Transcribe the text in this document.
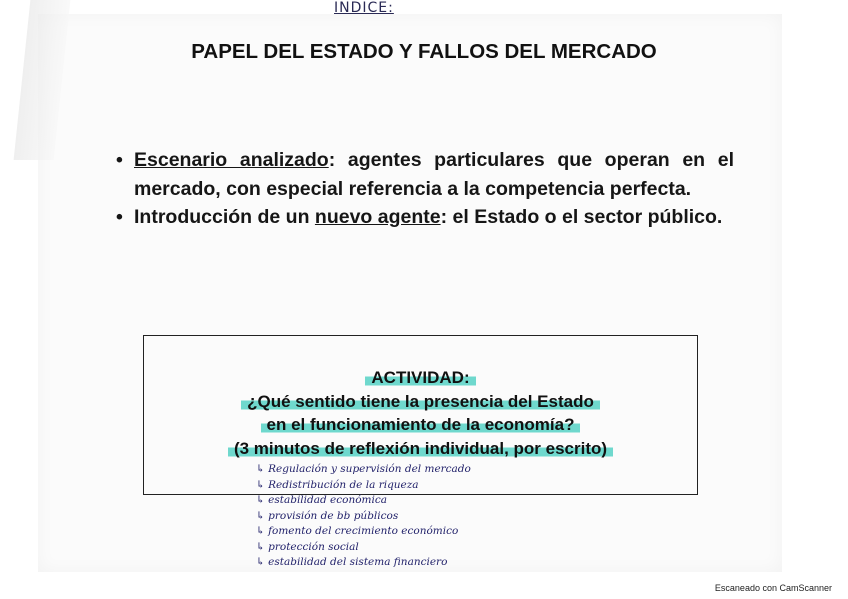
INDICE:
PAPEL DEL ESTADO Y FALLOS DEL MERCADO
• Escenario analizado: agentes particulares que operan en el mercado, con especial referencia a la competencia perfecta.
• Introducción de un nuevo agente: el Estado o el sector público.
ACTIVIDAD:
¿Qué sentido tiene la presencia del Estado
en el funcionamiento de la economía?
(3 minutos de reflexión individual, por escrito)
↳ Regulación y supervisión del mercado
↳ Redistribución de la riqueza
↳ estabilidad económica
↳ provisión de bb públicos
↳ fomento del crecimiento económico
↳ protección social
↳ estabilidad del sistema financiero
Escaneado con CamScanner
